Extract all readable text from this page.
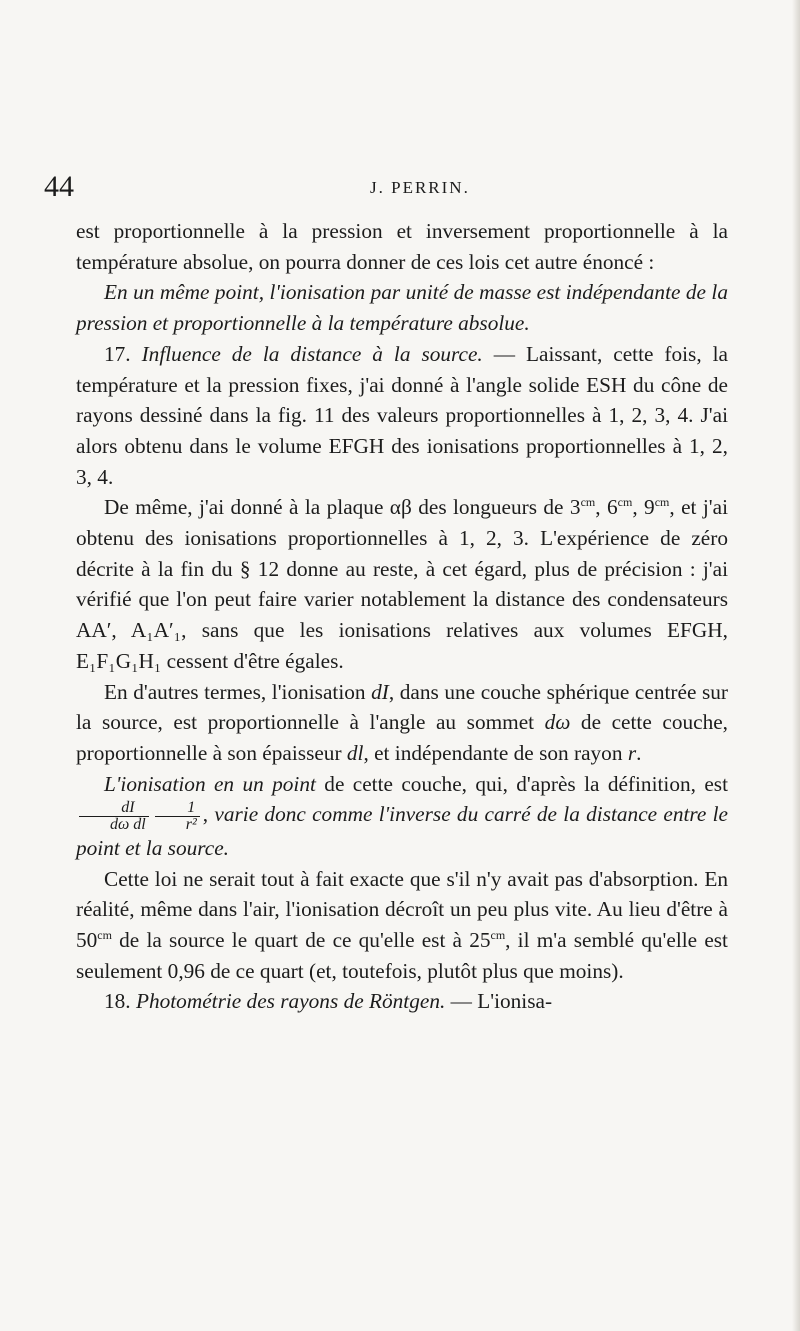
44	J. PERRIN.

est proportionnelle à la pression et inversement proportionnelle à la température absolue, on pourra donner de ces lois cet autre énoncé :

En un même point, l'ionisation par unité de masse est indépendante de la pression et proportionnelle à la température absolue.

17. Influence de la distance à la source. — Laissant, cette fois, la température et la pression fixes, j'ai donné à l'angle solide ESH du cône de rayons dessiné dans la fig. 11 des valeurs proportionnelles à 1, 2, 3, 4. J'ai alors obtenu dans le volume EFGH des ionisations proportionnelles à 1, 2, 3, 4.

De même, j'ai donné à la plaque αβ des longueurs de $3^{cm}$, $6^{cm}$, $9^{cm}$, et j'ai obtenu des ionisations proportionnelles à 1, 2, 3. L'expérience de zéro décrite à la fin du § 12 donne au reste, à cet égard, plus de précision : j'ai vérifié que l'on peut faire varier notablement la distance des condensateurs AA′, A₁A′₁, sans que les ionisations relatives aux volumes EFGH, E₁F₁G₁H₁ cessent d'être égales.

En d'autres termes, l'ionisation dI, dans une couche sphérique centrée sur la source, est proportionnelle à l'angle au sommet dω de cette couche, proportionnelle à son épaisseur dl, et indépendante de son rayon r.

L'ionisation en un point de cette couche, qui, d'après la définition, est
$\frac{dI}{\text{dω dl}} \frac{1}{\text{r²}}$ , varie donc comme l'inverse du carré de la distance entre le point et la source.

Cette loi ne serait tout à fait exacte que s'il n'y avait pas d'absorption. En réalité, même dans l'air, l'ionisation décroît un peu plus vite. Au lieu d'être à $50^{cm}$ de la source le quart de ce qu'elle est à $25^{cm}$, il m'a semblé qu'elle est seulement 0,96 de ce quart (et, toutefois, plutôt plus que moins).

18. Photométrie des rayons de Röntgen. — L'ionisa-
